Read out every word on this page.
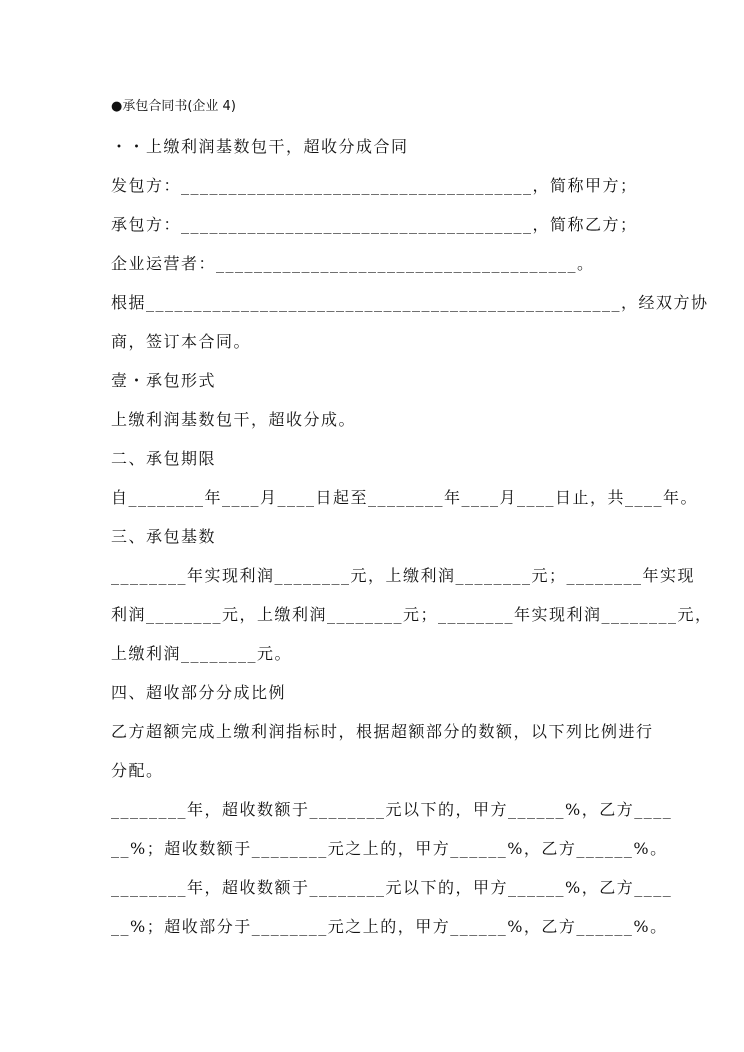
●承包合同书(企业 4)
・・上缴利润基数包干，超收分成合同
发包方：_____________________________________，简称甲方；
承包方：_____________________________________，简称乙方；
企业运营者：______________________________________。
根据__________________________________________________，经双方协
商，签订本合同。
壹・承包形式
上缴利润基数包干，超收分成。
二、承包期限
自________年____月____日起至________年____月____日止，共____年。
三、承包基数
________年实现利润________元，上缴利润________元；________年实现
利润________元，上缴利润________元；________年实现利润________元，
上缴利润________元。
四、超收部分分成比例
乙方超额完成上缴利润指标时，根据超额部分的数额，以下列比例进行
分配。
________年，超收数额于________元以下的，甲方______%，乙方____
__%；超收数额于________元之上的，甲方______%，乙方______%。
________年，超收数额于________元以下的，甲方______%，乙方____
__%；超收部分于________元之上的，甲方______%，乙方______%。
